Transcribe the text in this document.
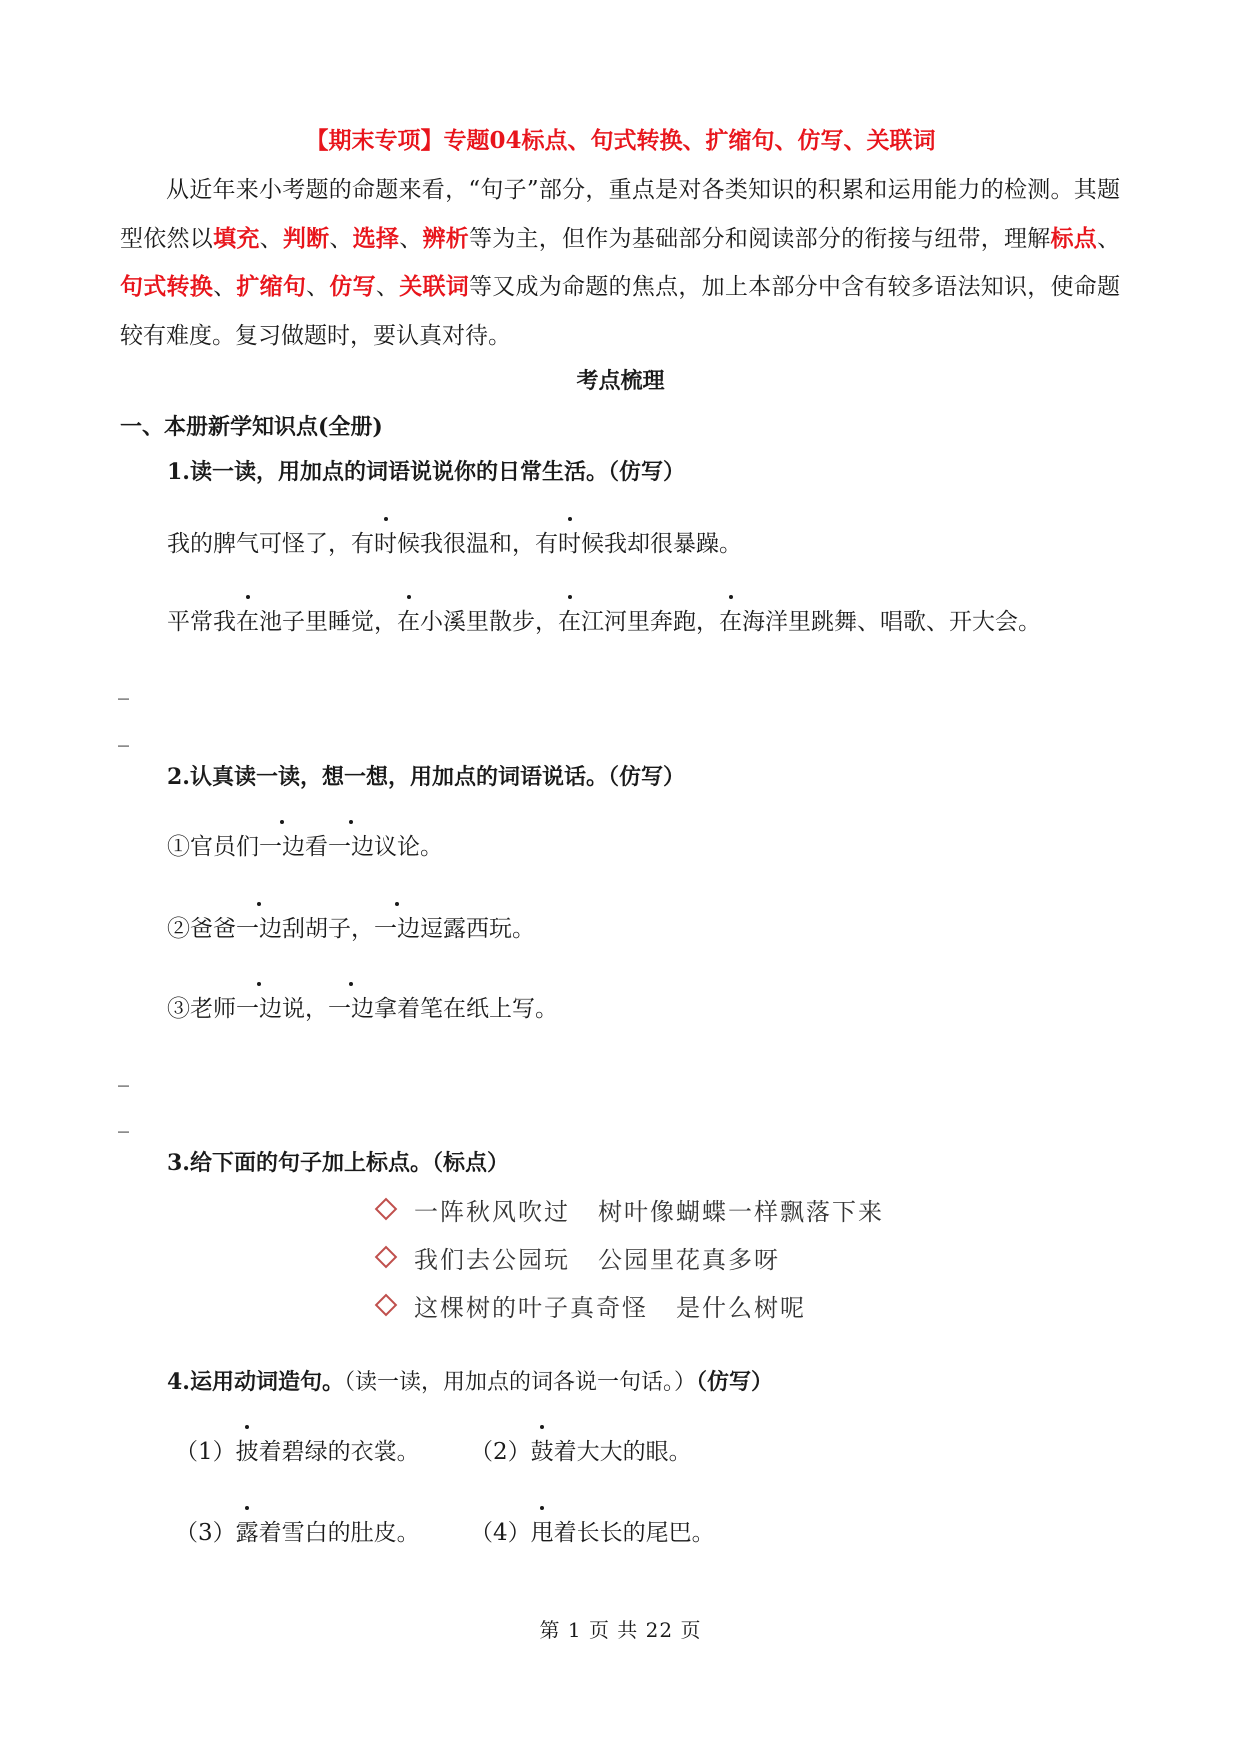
【期末专项】专题04标点、句式转换、扩缩句、仿写、关联词
从近年来小考题的命题来看，“句子”部分，重点是对各类知识的积累和运用能力的检测。其题型依然以填充、判断、选择、辨析等为主，但作为基础部分和阅读部分的衔接与纽带，理解标点、句式转换、扩缩句、仿写、关联词等又成为命题的焦点，加上本部分中含有较多语法知识，使命题较有难度。复习做题时，要认真对待。
考点梳理
一、本册新学知识点(全册)
1.读一读，用加点的词语说说你的日常生活。（仿写）
我的脾气可怪了，有时候我很温和，有时候我却很暴躁。
平常我在池子里睡觉，在小溪里散步，在江河里奔跑，在海洋里跳舞、唱歌、开大会。
_
_
2.认真读一读，想一想，用加点的词语说话。（仿写）
①官员们一边看一边议论。
②爸爸一边刮胡子，一边逗露西玩。
③老师一边说，一边拿着笔在纸上写。
_
_
3.给下面的句子加上标点。（标点）
一阵秋风吹过 树叶像蝴蝶一样飘落下来
我们去公园玩 公园里花真多呀
这棵树的叶子真奇怪 是什么树呢
4.运用动词造句。（读一读，用加点的词各说一句话。）（仿写）
（1）披着碧绿的衣裳。 （2）鼓着大大的眼。
（3）露着雪白的肚皮。 （4）甩着长长的尾巴。
第 1 页 共 22 页
